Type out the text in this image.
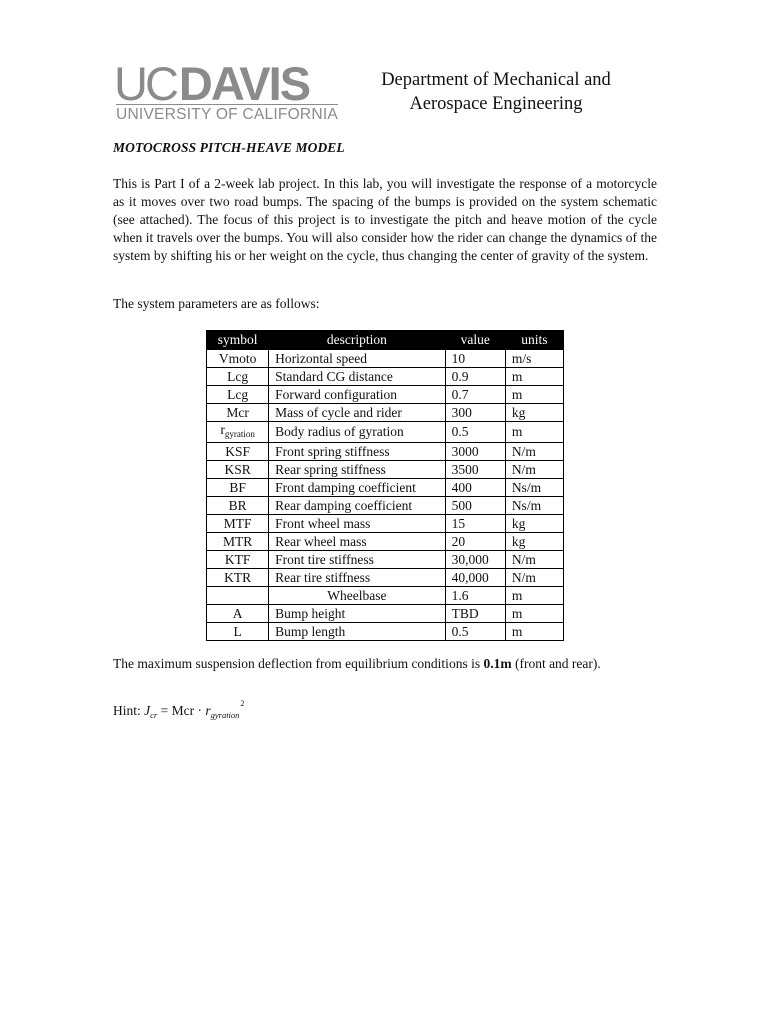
UCDAVIS
UNIVERSITY OF CALIFORNIA
Department of Mechanical and
Aerospace Engineering
MOTOCROSS PITCH-HEAVE MODEL
This is Part I of a 2-week lab project. In this lab, you will investigate the response of a motorcycle as it moves over two road bumps. The spacing of the bumps is provided on the system schematic (see attached). The focus of this project is to investigate the pitch and heave motion of the cycle when it travels over the bumps. You will also consider how the rider can change the dynamics of the system by shifting his or her weight on the cycle, thus changing the center of gravity of the system.
The system parameters are as follows:
symbol	description	value	units
Vmoto	Horizontal speed	10	m/s
Lcg	Standard CG distance	0.9	m
Lcg	Forward configuration	0.7	m
Mcr	Mass of cycle and rider	300	kg
$r_{gyration}$	Body radius of gyration	0.5	m
KSF	Front spring stiffness	3000	N/m
KSR	Rear spring stiffness	3500	N/m
BF	Front damping coefficient	400	Ns/m
BR	Rear damping coefficient	500	Ns/m
MTF	Front wheel mass	15	kg
MTR	Rear wheel mass	20	kg
KTF	Front tire stiffness	30,000	N/m
KTR	Rear tire stiffness	40,000	N/m
	Wheelbase	1.6	m
A	Bump height	TBD	m
L	Bump length	0.5	m
The maximum suspension deflection from equilibrium conditions is 0.1m (front and rear).
Hint: $J_{cr}$ = Mcr · $r_{gyration}^2$
